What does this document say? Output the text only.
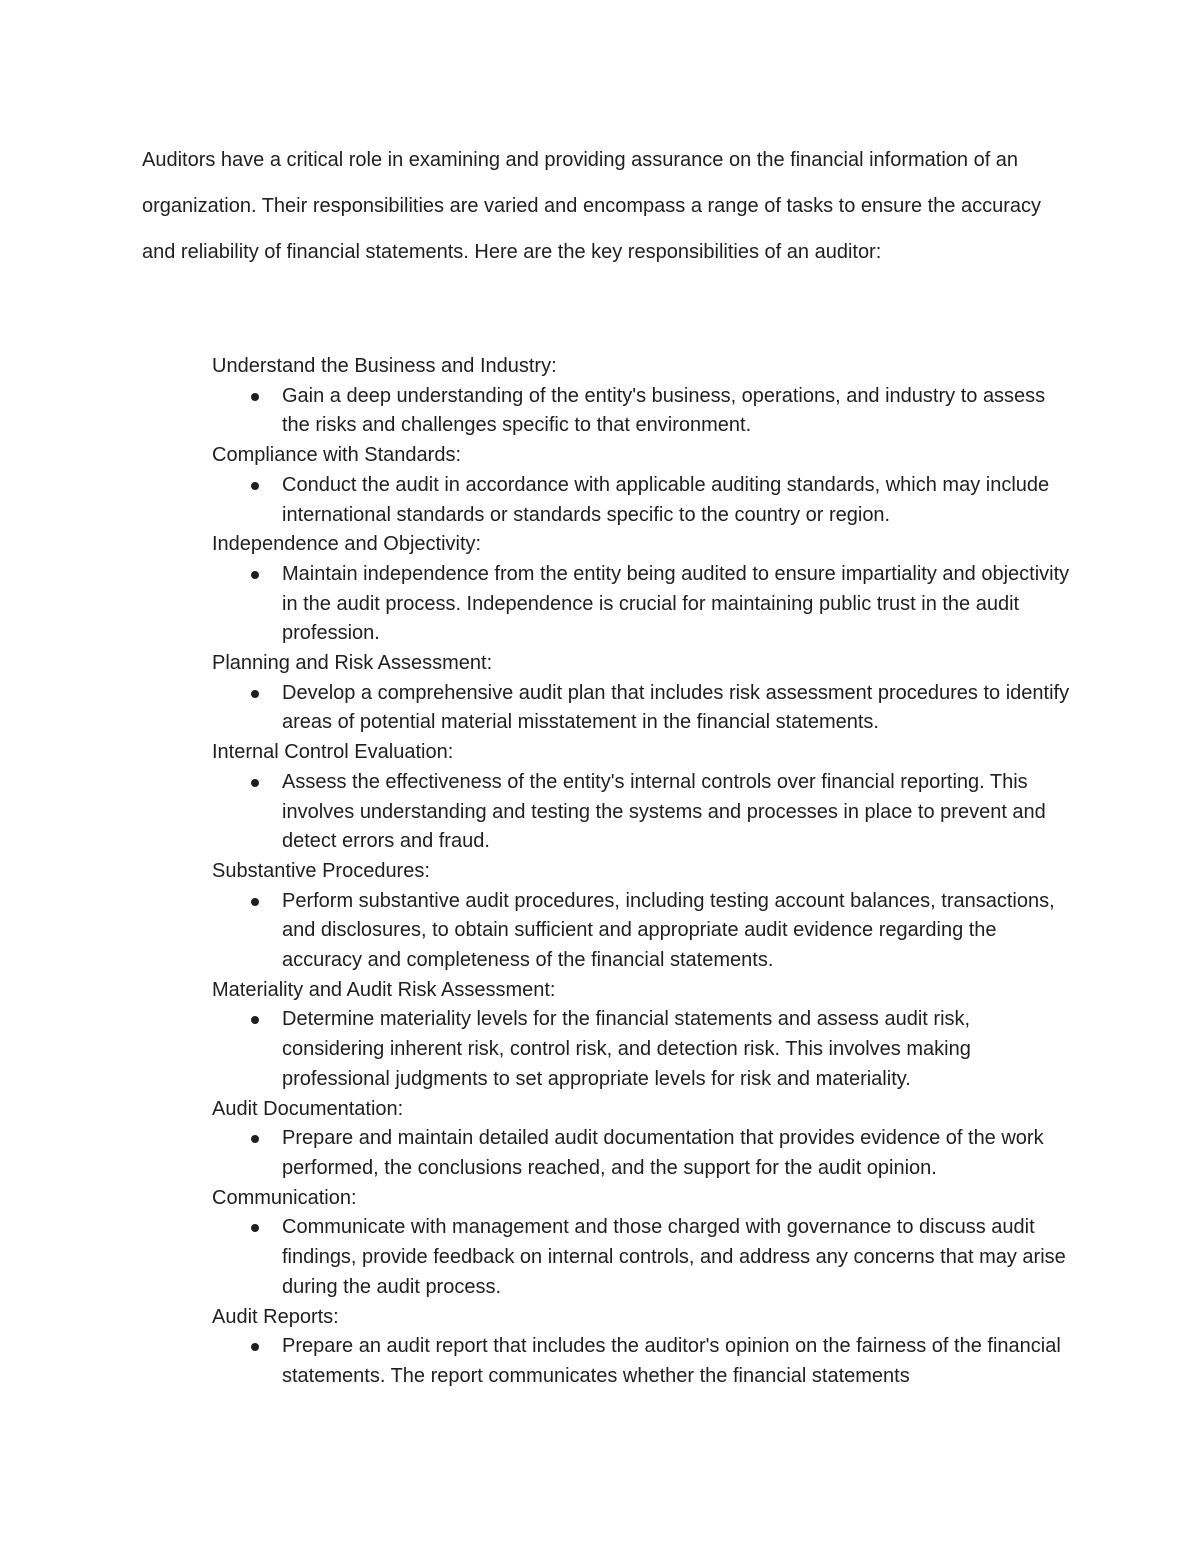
Auditors have a critical role in examining and providing assurance on the financial information of an organization. Their responsibilities are varied and encompass a range of tasks to ensure the accuracy and reliability of financial statements. Here are the key responsibilities of an auditor:

Understand the Business and Industry:

Gain a deep understanding of the entity's business, operations, and industry to assess the risks and challenges specific to that environment.

Compliance with Standards:

Conduct the audit in accordance with applicable auditing standards, which may include international standards or standards specific to the country or region.

Independence and Objectivity:

Maintain independence from the entity being audited to ensure impartiality and objectivity in the audit process. Independence is crucial for maintaining public trust in the audit profession.

Planning and Risk Assessment:

Develop a comprehensive audit plan that includes risk assessment procedures to identify areas of potential material misstatement in the financial statements.

Internal Control Evaluation:

Assess the effectiveness of the entity's internal controls over financial reporting. This involves understanding and testing the systems and processes in place to prevent and detect errors and fraud.

Substantive Procedures:

Perform substantive audit procedures, including testing account balances, transactions, and disclosures, to obtain sufficient and appropriate audit evidence regarding the accuracy and completeness of the financial statements.

Materiality and Audit Risk Assessment:

Determine materiality levels for the financial statements and assess audit risk, considering inherent risk, control risk, and detection risk. This involves making professional judgments to set appropriate levels for risk and materiality.

Audit Documentation:

Prepare and maintain detailed audit documentation that provides evidence of the work performed, the conclusions reached, and the support for the audit opinion.

Communication:

Communicate with management and those charged with governance to discuss audit findings, provide feedback on internal controls, and address any concerns that may arise during the audit process.

Audit Reports:

Prepare an audit report that includes the auditor's opinion on the fairness of the financial statements. The report communicates whether the financial statements
